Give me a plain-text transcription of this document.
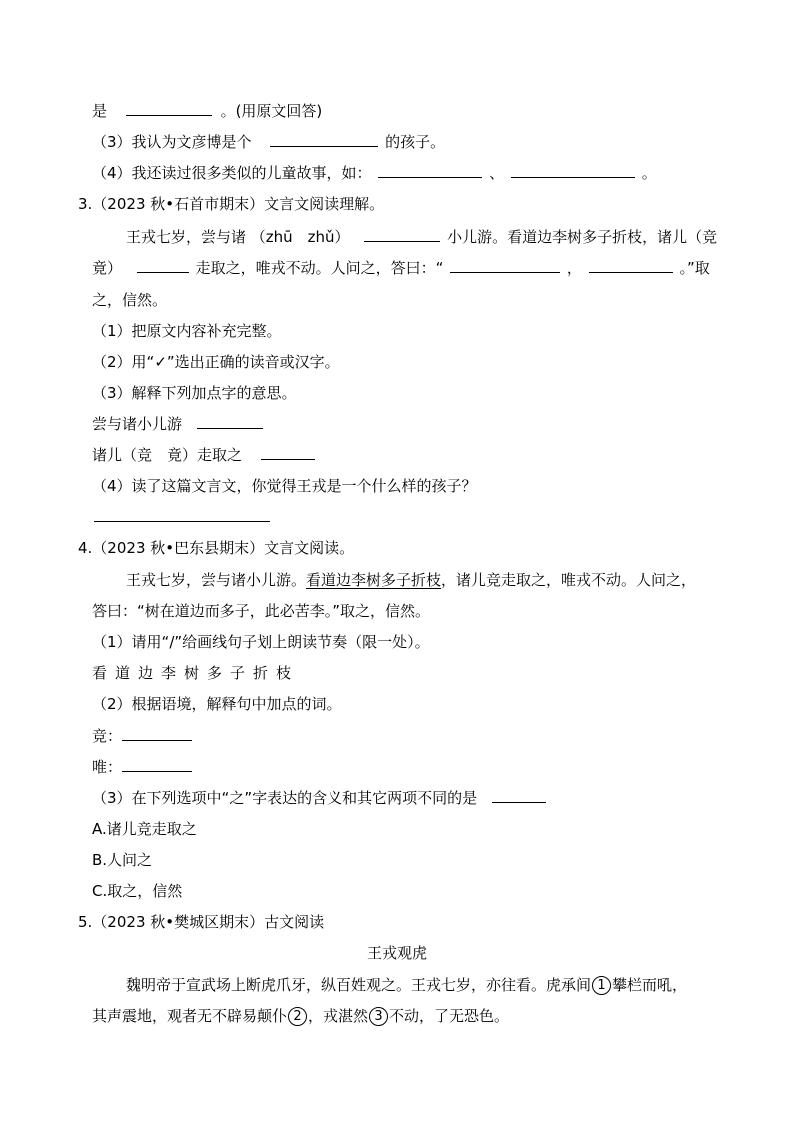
是	。(用原文回答)
（3）我认为文彦博是个	的孩子。
（4）我还读过很多类似的儿童故事，如：	、	。
3.（2023 秋•石首市期末）文言文阅读理解。
王戎七岁，尝与诸 （zhū　zhǔ）	小儿游。看道边李树多子折枝，诸儿（竞
竟）	走取之，唯戎不动。人问之，答曰：“	，	。”取
之，信然。
（1）把原文内容补充完整。
（2）用“✓”选出正确的读音或汉字。
（3）解释下列加点字的意思。
尝与诸小儿游
诸儿（竞　竟）走取之
（4）读了这篇文言文，你觉得王戎是一个什么样的孩子？
4.（2023 秋•巴东县期末）文言文阅读。
王戎七岁，尝与诸小儿游。看道边李树多子折枝，诸儿竞走取之，唯戎不动。人问之，
答曰：“树在道边而多子，此必苦李。”取之，信然。
（1）请用“/”给画线句子划上朗读节奏（限一处）。
看道边李树多子折枝
（2）根据语境，解释句中加点的词。
竞：
唯：
（3）在下列选项中“之”字表达的含义和其它两项不同的是
A.诸儿竞走取之
B.人问之
C.取之，信然
5.（2023 秋•樊城区期末）古文阅读
王戎观虎
魏明帝于宣武场上断虎爪牙，纵百姓观之。王戎七岁，亦往看。虎承间 1 攀栏而吼，
其声震地，观者无不辟易颠仆 2 ，戎湛然 3 不动，了无恐色。
